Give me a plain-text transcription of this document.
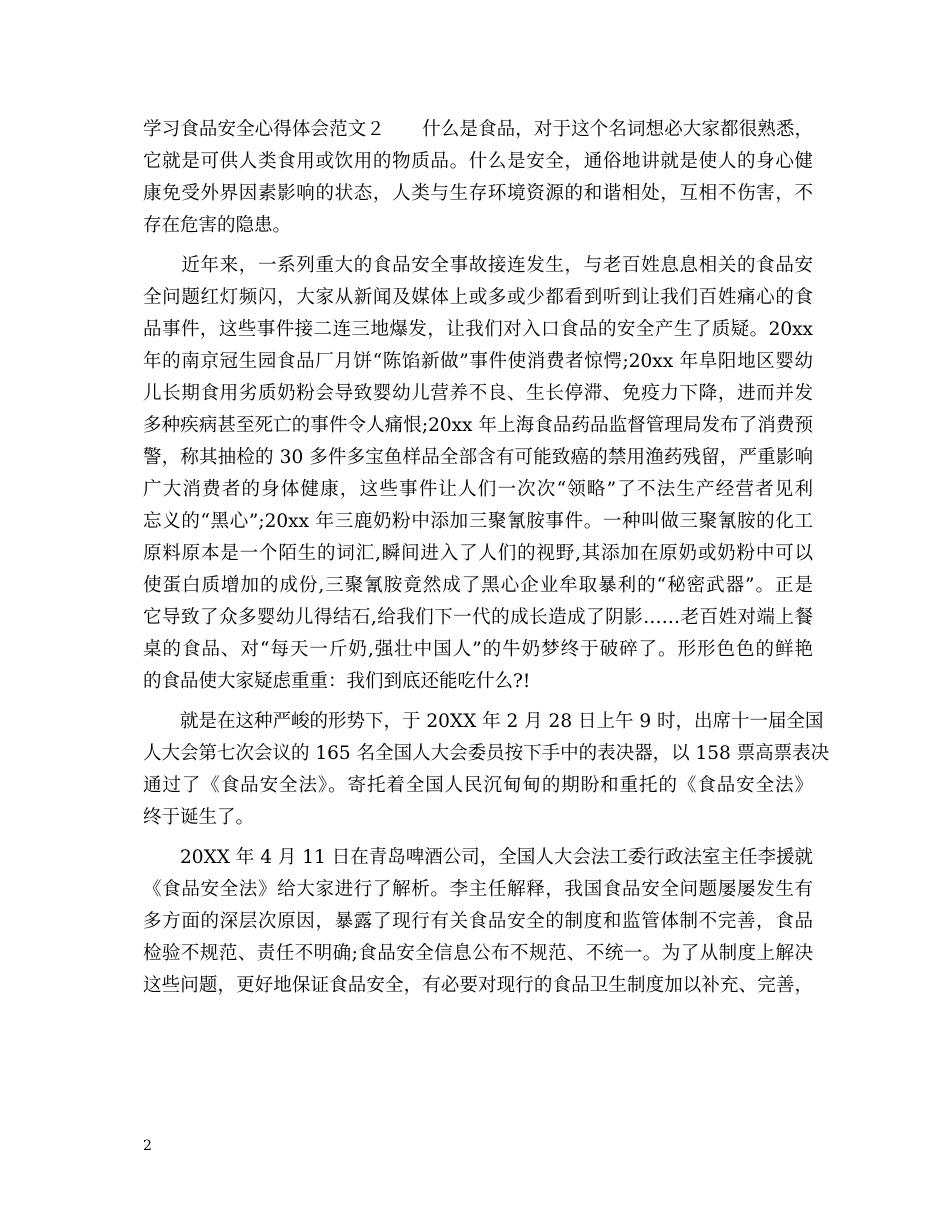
学习食品安全心得体会范文２　　什么是食品，对于这个名词想必大家都很熟悉，
它就是可供人类食用或饮用的物质品。什么是安全，通俗地讲就是使人的身心健
康免受外界因素影响的状态，人类与生存环境资源的和谐相处，互相不伤害，不
存在危害的隐患。
　　近年来，一系列重大的食品安全事故接连发生，与老百姓息息相关的食品安
全问题红灯频闪，大家从新闻及媒体上或多或少都看到听到让我们百姓痛心的食
品事件，这些事件接二连三地爆发，让我们对入口食品的安全产生了质疑。20xx
年的南京冠生园食品厂月饼“陈馅新做”事件使消费者惊愕;20xx 年阜阳地区婴幼
儿长期食用劣质奶粉会导致婴幼儿营养不良、生长停滞、免疫力下降，进而并发
多种疾病甚至死亡的事件令人痛恨;20xx 年上海食品药品监督管理局发布了消费预
警，称其抽检的 30 多件多宝鱼样品全部含有可能致癌的禁用渔药残留，严重影响
广大消费者的身体健康，这些事件让人们一次次“领略”了不法生产经营者见利
忘义的“黑心”;20xx 年三鹿奶粉中添加三聚氰胺事件。一种叫做三聚氰胺的化工
原料原本是一个陌生的词汇,瞬间进入了人们的视野,其添加在原奶或奶粉中可以
使蛋白质增加的成份,三聚氰胺竟然成了黑心企业牟取暴利的“秘密武器”。正是
它导致了众多婴幼儿得结石,给我们下一代的成长造成了阴影……老百姓对端上餐
桌的食品、对“每天一斤奶,强壮中国人”的牛奶梦终于破碎了。形形色色的鲜艳
的食品使大家疑虑重重：我们到底还能吃什么?!
　　就是在这种严峻的形势下，于 20XX 年 2 月 28 日上午 9 时，出席十一届全国
人大会第七次会议的 165 名全国人大会委员按下手中的表决器，以 158 票高票表决
通过了《食品安全法》。寄托着全国人民沉甸甸的期盼和重托的《食品安全法》
终于诞生了。
　　20XX 年 4 月 11 日在青岛啤酒公司，全国人大会法工委行政法室主任李援就
《食品安全法》给大家进行了解析。李主任解释，我国食品安全问题屡屡发生有
多方面的深层次原因，暴露了现行有关食品安全的制度和监管体制不完善，食品
检验不规范、责任不明确;食品安全信息公布不规范、不统一。为了从制度上解决
这些问题，更好地保证食品安全，有必要对现行的食品卫生制度加以补充、完善，
2
